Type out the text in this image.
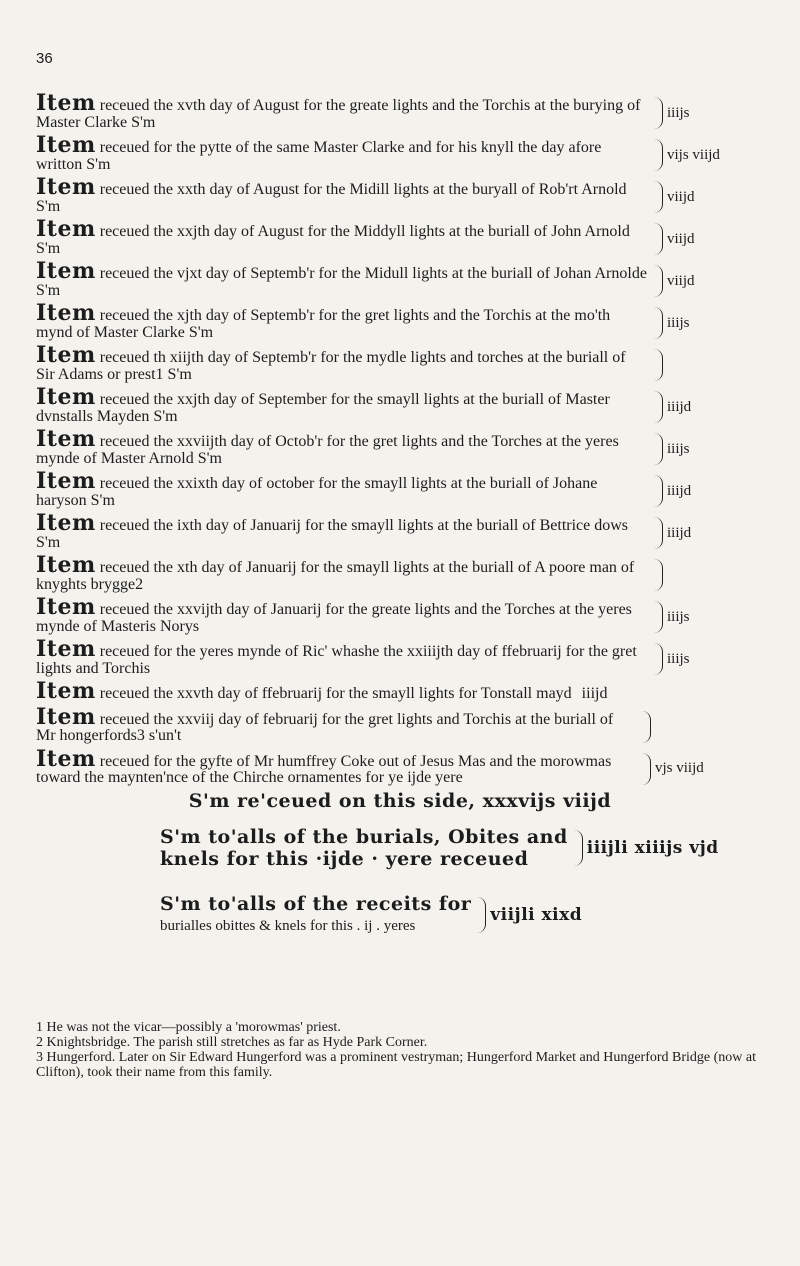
36
Item receued the xvth day of August for the greate lights and the Torchis at the burying of Master Clarke S'm
iiijs
Item receued for the pytte of the same Master Clarke and for his knyll the day afore writton S'm
vijs viijd
Item receued the xxth day of August for the Midill lights at the buryall of Rob'rt Arnold S'm
viijd
Item receued the xxjth day of August for the Middyll lights at the buriall of John Arnold S'm
viijd
Item receued the vjxt day of Septemb'r for the Midull lights at the buriall of Johan Arnolde S'm
viijd
Item receued the xjth day of Septemb'r for the gret lights and the Torchis at the mo'th mynd of Master Clarke S'm
iiijs
Item receued th xiijth day of Septemb'r for the mydle lights and torches at the buriall of Sir Adams or prest1 S'm
Item receued the xxjth day of September for the smayll lights at the buriall of Master dvnstalls Mayden S'm
iiijd
Item receued the xxviijth day of Octob'r for the gret lights and the Torches at the yeres mynde of Master Arnold S'm
iiijs
Item receued the xxixth day of october for the smayll lights at the buriall of Johane haryson S'm
iiijd
Item receued the ixth day of Januarij for the smayll lights at the buriall of Bettrice dows S'm
iiijd
Item receued the xth day of Januarij for the smayll lights at the buriall of A poore man of knyghts brygge2
Item receued the xxvijth day of Januarij for the greate lights and the Torches at the yeres mynde of Masteris Norys
iiijs
Item receued for the yeres mynde of Ric' whashe the xxiiijth day of ffebruarij for the gret lights and Torchis
iiijs
Item receued the xxvth day of ffebruarij for the smayll lights for Tonstall mayd iiijd
Item receued the xxviij day of februarij for the gret lights and Torchis at the buriall of Mr hongerfords3 s'un't
Item receued for the gyfte of Mr humffrey Coke out of Jesus Mas and the morowmas toward the maynten'nce of the Chirche ornamentes for ye ijde yere
vjs viijd
S'm re'ceued on this side, xxxvijs viijd
S'm to'alls of the burials, Obites and
knels for this ·ijde · yere receued	iiijli xiiijs vjd
S'm to'alls of the receits for
burialles obittes & knels for this . ij . yeres
viijli xixd
1 He was not the vicar—possibly a 'morowmas' priest.
2 Knightsbridge. The parish still stretches as far as Hyde Park Corner.
3 Hungerford. Later on Sir Edward Hungerford was a prominent vestryman; Hungerford Market and Hungerford Bridge (now at Clifton), took their name from this family.
